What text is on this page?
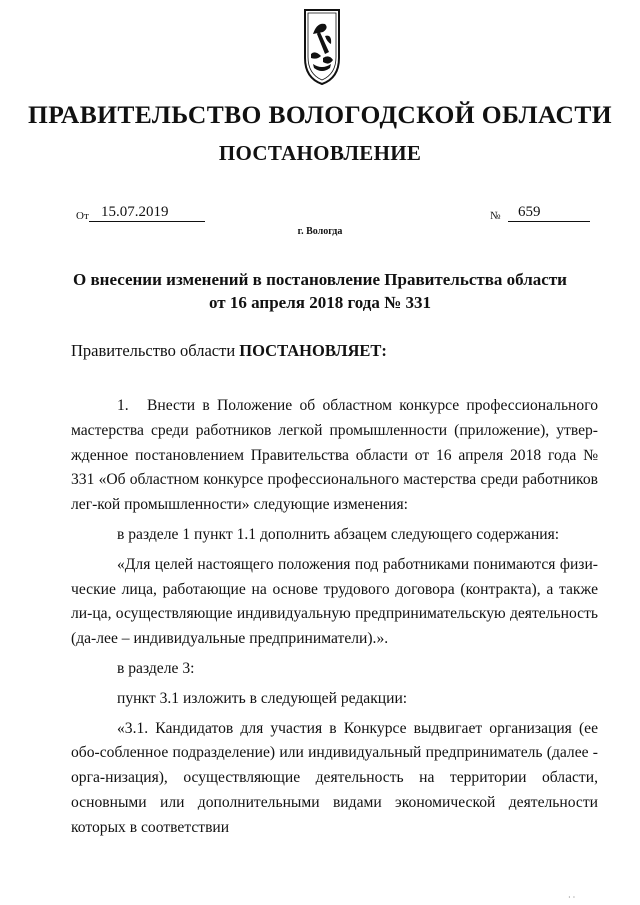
ПРАВИТЕЛЬСТВО ВОЛОГОДСКОЙ ОБЛАСТИ
ПОСТАНОВЛЕНИЕ
От 15.07.2019
г. Вологда
№	659
О внесении изменений в постановление Правительства области
от 16 апреля 2018 года № 331
Правительство области ПОСТАНОВЛЯЕТ:

1. Внести в Положение об областном конкурсе профессионального мастерства среди работников легкой промышленности (приложение), утвер-жденное постановлением Правительства области от 16 апреля 2018 года № 331 «Об областном конкурсе профессионального мастерства среди работников лег-кой промышленности» следующие изменения:

в разделе 1 пункт 1.1 дополнить абзацем следующего содержания:

«Для целей настоящего положения под работниками понимаются физи-ческие лица, работающие на основе трудового договора (контракта), а также ли-ца, осуществляющие индивидуальную предпринимательскую деятельность (да-лее – индивидуальные предприниматели).».

в разделе 3:

пункт 3.1 изложить в следующей редакции:

«3.1. Кандидатов для участия в Конкурсе выдвигает организация (ее обо-собленное подразделение) или индивидуальный предприниматель (далее - орга-низация), осуществляющие деятельность на территории области, основными или дополнительными видами экономической деятельности которых в соответствии

· ·
